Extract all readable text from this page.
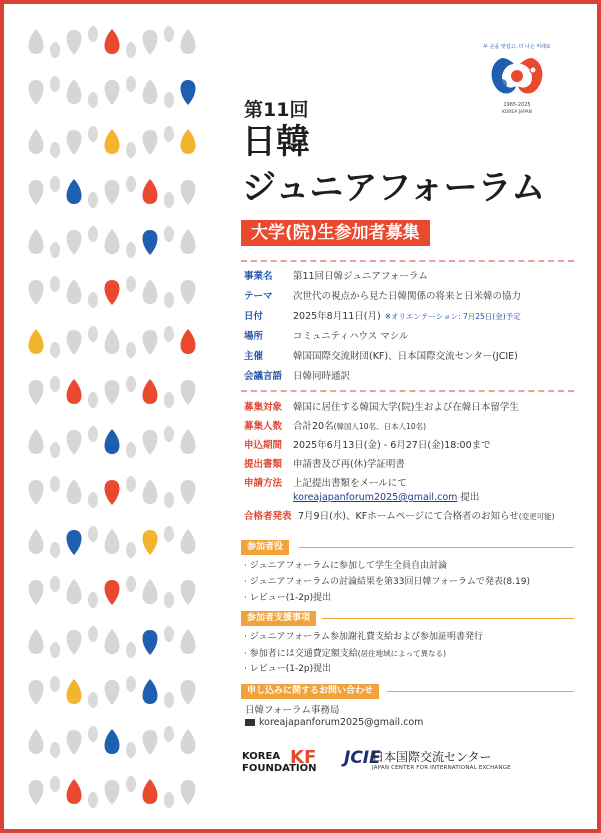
두 손을 맞잡고, 더 나은 미래로
1965-2025
KOREA JAPAN
第11回
日韓
ジュニアフォーラム
大学(院)生参加者募集
事業名 第11回日韓ジュニアフォーラム
テーマ 次世代の視点から見た日韓関係の将来と日米韓の協力
日付	2025年8月11日(月) ※オリエンテーション: 7月25日(金)予定
場所	コミュニティハウス マシル
主催	韓国国際交流財団(KF)、日本国際交流センター(JCIE)
会議言語 日韓同時通訳
募集対象 韓国に居住する韓国大学(院)生および在韓日本留学生
募集人数 合計20名(韓国人10名、日本人10名)
申込期間 2025年6月13日(金) - 6月27日(金)18:00まで
提出書類 申請書及び再(休)学証明書
申請方法 上記提出書類をメールにて
koreajapanforum2025@gmail.com 提出
合格者発表 7月9日(水)、KFホームページにて合格者のお知らせ(変更可能)
参加者役
· ジュニアフォーラムに参加して学生全員自由討論
· ジュニアフォーラムの討論結果を第33回日韓フォーラムで発表(8.19)
· レビュー(1-2p)提出
参加者支援事項
· ジュニアフォーラム参加謝礼費支給および参加証明書発行
· 参加者には交通費定額支給(居住地域によって異なる)
· レビュー(1-2p)提出
申し込みに関するお問い合わせ
日韓フォーラム事務局
koreajapanforum2025@gmail.com
KOREA
FOUNDATION
KF JCIE
日本国際交流センター
JAPAN CENTER FOR INTERNATIONAL EXCHANGE
